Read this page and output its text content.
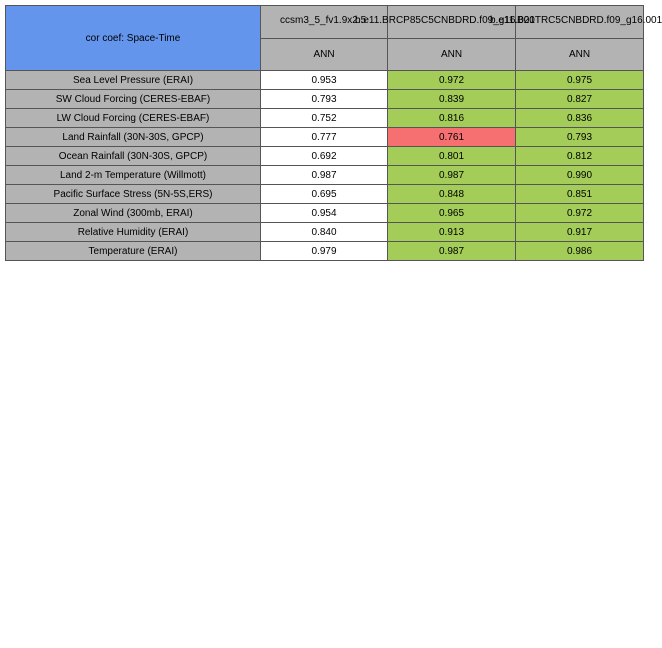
cor coef: Space-Time	ccsm3_5_fv1.9x2.5	b.e11.BRCP85C5CNBDRD.f09_g16.001	b.e11.B20TRC5CNBDRD.f09_g16.001

	ANN	ANN	ANN
Sea Level Pressure (ERAI)	0.953	0.972	0.975
SW Cloud Forcing (CERES-EBAF)	0.793	0.839	0.827
LW Cloud Forcing (CERES-EBAF)	0.752	0.816	0.836
Land Rainfall (30N-30S, GPCP)	0.777	0.761	0.793
Ocean Rainfall (30N-30S, GPCP)	0.692	0.801	0.812
Land 2-m Temperature (Willmott)	0.987	0.987	0.990
Pacific Surface Stress (5N-5S,ERS)	0.695	0.848	0.851
Zonal Wind (300mb, ERAI)	0.954	0.965	0.972
Relative Humidity (ERAI)	0.840	0.913	0.917
Temperature (ERAI)	0.979	0.987	0.986
